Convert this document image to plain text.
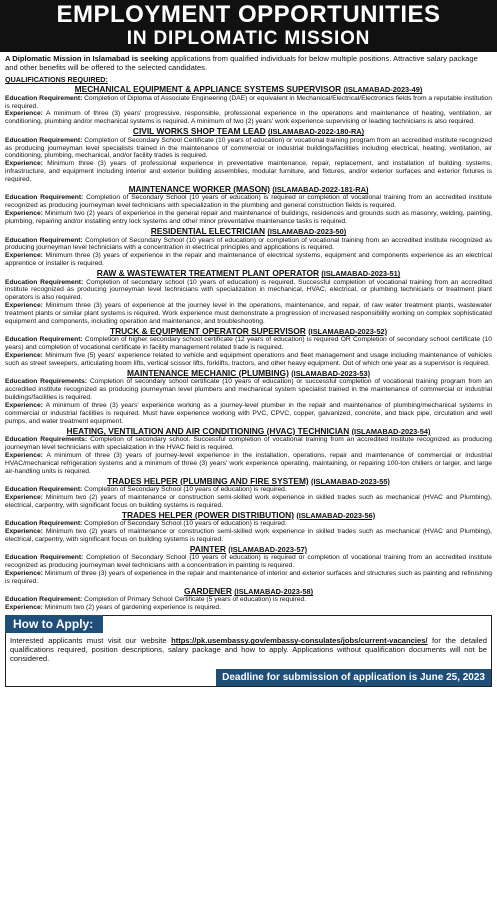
EMPLOYMENT OPPORTUNITIES
IN DIPLOMATIC MISSION

A Diplomatic Mission in Islamabad is seeking applications from qualified individuals for below multiple positions. Attractive salary package and other benefits will be offered to the selected candidates.

QUALIFICATIONS REQUIRED:
MECHANICAL EQUIPMENT & APPLIANCE SYSTEMS SUPERVISOR (ISLAMABAD-2023-49)

Education Requirement: Completion of Diploma of Associate Engineering (DAE) or equivalent in Mechanical/Electrical/Electronics fields from a reputable institution is required.

Experience: A minimum of three (3) years' progressive, responsible, professional experience in the operations and maintenance of heating, ventilation, air conditioning, plumbing and/or mechanical systems is required. A minimum of two (2) years' work experience supervising or leading technicians is also required.

CIVIL WORKS SHOP TEAM LEAD (ISLAMABAD-2022-180-RA)

Education Requirement: Completion of Secondary School Certificate (10 years of education) or vocational training program from an accredited institute recognized as producing journeyman level specialists trained in the maintenance of commercial or industrial buildings/facilities including electrical, heating, ventilation, air conditioning, plumbing, mechanical, and/or facility trades is required.

Experience: Minimum three (3) years of professional experience in preventative maintenance, repair, replacement, and installation of building systems, infrastructure, and equipment including interior and exterior building assemblies, modular furniture, and fixtures, and/or exterior surfaces and exterior fixtures is required.

MAINTENANCE WORKER (MASON) (ISLAMABAD-2022-181-RA)

Education Requirement: Completion of Secondary School (10 years of education) is required or completion of vocational training from an accredited institute recognized as producing journeyman level technicians with specialization in the plumbing and general construction fields is required.

Experience: Minimum two (2) years of experience in the general repair and maintenance of buildings, residences and grounds such as masonry, welding, painting, plumbing, repairing and/or installing entry lock systems and other minor preventative maintenance tasks is required.

RESIDENTIAL ELECTRICIAN (ISLAMABAD-2023-50)

Education Requirement: Completion of Secondary School (10 years of education) or completion of vocational training from an accredited institute recognized as producing journeyman level technicians with a concentration in electrical principles and applications is required.

Experience: Minimum three (3) years of experience in the repair and maintenance of electrical systems, equipment and components experience as an electrical apprentice or installer is required.

RAW & WASTEWATER TREATMENT PLANT OPERATOR (ISLAMABAD-2023-51)

Education Requirement: Completion of secondary school (10 years of education) is required. Successful completion of vocational training from an accredited institute recognized as producing journeyman level technicians with specialization in mechanical, HVAC, electrical, or plumbing technicians or treatment plant operators is also required.

Experience: Minimum three (3) years of experience at the journey level in the operations, maintenance, and repair, of raw water treatment plants, wastewater treatment plants or similar plant systems is required. Work experience must demonstrate a progression of increased responsibility working on complex sophisticated equipment and components, including operation and maintenance, and troubleshooting.

TRUCK & EQUIPMENT OPERATOR SUPERVISOR (ISLAMABAD-2023-52)

Education Requirement: Completion of higher secondary school certificate (12 years of education) is required OR Completion of secondary school certificate (10 years) and completion of vocational certificate in facility management related trade is required.

Experience: Minimum five (5) years' experience related to vehicle and equipment operations and fleet management and usage including maintenance of vehicles such as street sweepers, articulating boom lifts, vertical scissor lifts, forklifts, tractors, and other heavy equipment. Out of which one year as a supervisor is required.

MAINTENANCE MECHANIC (PLUMBING) (ISLAMABAD-2023-53)

Education Requirements: Completion of secondary school certificate (10 years of education) or successful completion of vocational training program from an accredited institute recognized as producing journeyman level plumbers and mechanical system specialist trained in the maintenance of commercial or industrial buildings/facilities is required.

Experience: A minimum of three (3) years' experience working as a journey-level plumber in the repair and maintenance of plumbing/mechanical systems in commercial or industrial facilities is required. Must have experience working with PVC, CPVC, copper, galvanized, concrete, and black pipe, circulation and well pumps, and water treatment equipment.

HEATING, VENTILATION AND AIR CONDITIONING (HVAC) TECHNICIAN (ISLAMABAD-2023-54)

Education Requirements: Completion of secondary school. Successful completion of vocational training from an accredited institute recognized as producing journeyman level technicians with specialization in the HVAC field is required.

Experience: A minimum of three (3) years of journey-level experience in the installation, operations, repair and maintenance of commercial or industrial HVAC/mechanical refrigeration systems and a minimum of three (3) years' work experience operating, maintaining, or repairing 100-ton chillers or larger, and large air-handling units is required.

TRADES HELPER (PLUMBING AND FIRE SYSTEM) (ISLAMABAD-2023-55)

Education Requirement: Completion of Secondary School (10 years of education) is required.

Experience: Minimum two (2) years of maintenance or construction semi-skilled work experience in skilled trades such as mechanical (HVAC and Plumbing), electrical, carpentry, with significant focus on building systems is required.

TRADES HELPER (POWER DISTRIBUTION) (ISLAMABAD-2023-56)

Education Requirement: Completion of Secondary School (10 years of education) is required.

Experience: Minimum two (2) years of maintenance or construction semi-skilled work experience in skilled trades such as mechanical (HVAC and Plumbing), electrical, carpentry, with significant focus on building systems is required.

PAINTER (ISLAMABAD-2023-57)

Education Requirement: Completion of Secondary School (10 years of education) is required or completion of vocational training from an accredited institute recognized as producing journeyman level technicians with a concentration in painting is required.

Experience: Minimum of three (3) years of experience in the repair and maintenance of interior and exterior surfaces and structures such as painting and refinishing is required.

GARDENER (ISLAMABAD-2023-58)

Education Requirement: Completion of Primary School Certificate (5 years of education) is required.

Experience: Minimum two (2) years of gardening experience is required.

How to Apply:
Interested applicants must visit our website https://pk.usembassy.gov/embassy-consulates/jobs/current-vacancies/ for the detailed qualifications required, position descriptions, salary package and how to apply. Applications without qualification documents will not be considered.
Deadline for submission of application is June 25, 2023
